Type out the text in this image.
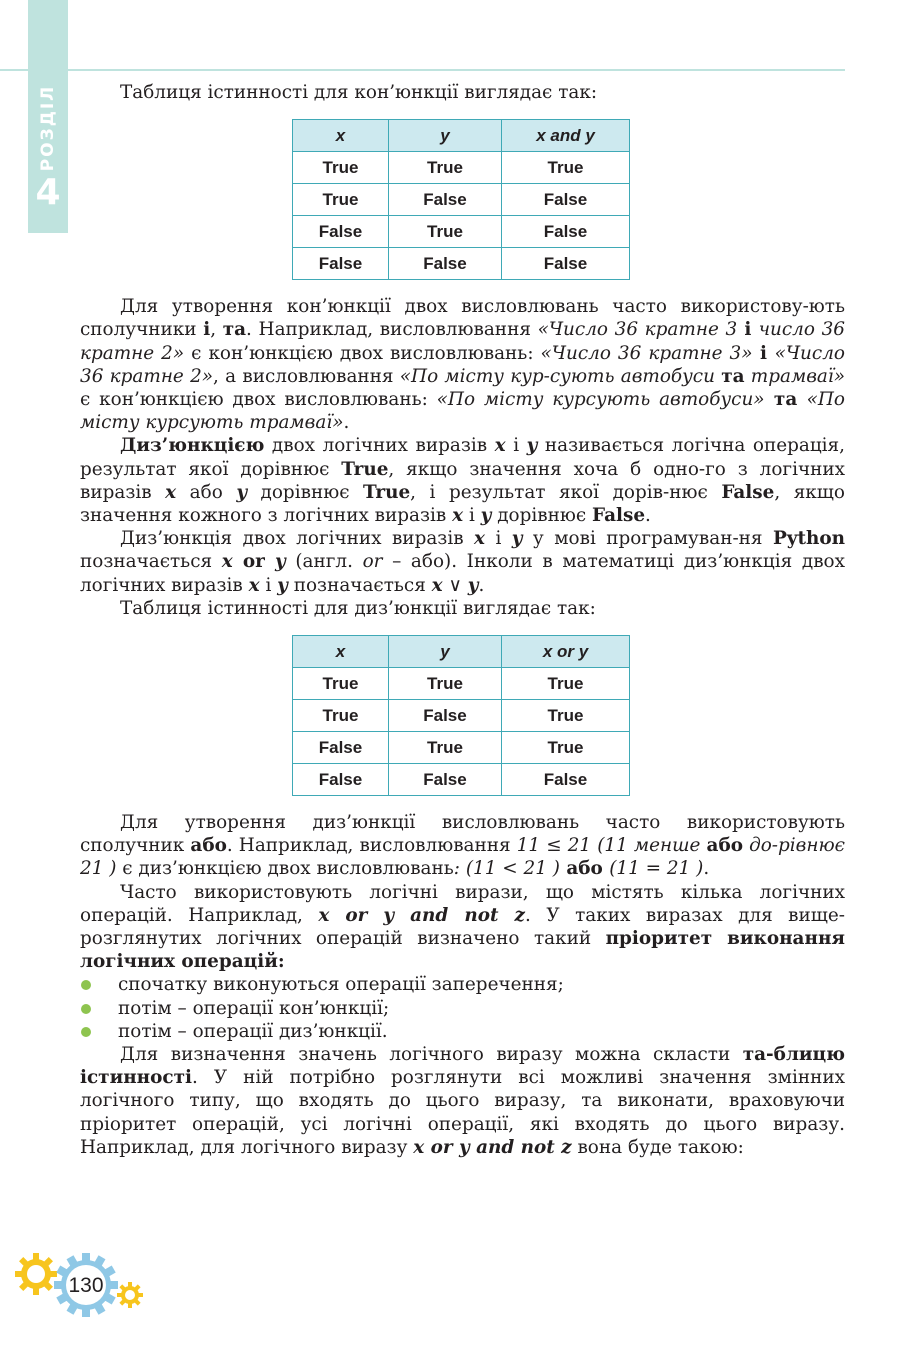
РОЗДІЛ
4

Таблиця істинності для кон’юнкції виглядає так:

x	y	x and y
True	True	True
True	False	False
False	True	False
False	False	False

Для утворення кон’юнкції двох висловлювань часто використову-ють сполучники і, та. Наприклад, висловлювання «Число 36 кратне 3 і число 36 кратне 2» є кон’юнкцією двох висловлювань: «Число 36 кратне 3» і «Число 36 кратне 2», а висловлювання «По місту кур-сують автобуси та трамваї» є кон’юнкцією двох висловлювань: «По місту курсують автобуси» та «По місту курсують трамваї».

Диз’юнкцією двох логічних виразів x і y називається логічна операція, результат якої дорівнює True, якщо значення хоча б одно-го з логічних виразів x або y дорівнює True, і результат якої дорів-нює False, якщо значення кожного з логічних виразів x і y дорівнює False.

Диз’юнкція двох логічних виразів x і y у мові програмуван-ня Python позначається x or y (англ. or – або). Інколи в математиці диз’юнкція двох логічних виразів x і y позначається x ∨ y.

Таблиця істинності для диз’юнкції виглядає так:

x	y	x or y
True	True	True
True	False	True
False	True	True
False	False	False

Для утворення диз’юнкції висловлювань часто використовують сполучник або. Наприклад, висловлювання 11 ≤ 21 (11 менше або до-рівнює 21 ) є диз’юнкцією двох висловлювань: (11 < 21 ) або (11 = 21 ).

Часто використовують логічні вирази, що містять кілька логічних операцій. Наприклад, x or y and not z. У таких виразах для вище-розглянутих логічних операцій визначено такий пріоритет виконання логічних операцій:

спочатку виконуються операції заперечення;
потім – операції кон’юнкції;
потім – операції диз’юнкції.

Для визначення значень логічного виразу можна скласти та-блицю істинності. У ній потрібно розглянути всі можливі значення змінних логічного типу, що входять до цього виразу, та виконати, враховуючи пріоритет операцій, усі логічні операції, які входять до цього виразу. Наприклад, для логічного виразу x or y and not z вона буде такою:

130
